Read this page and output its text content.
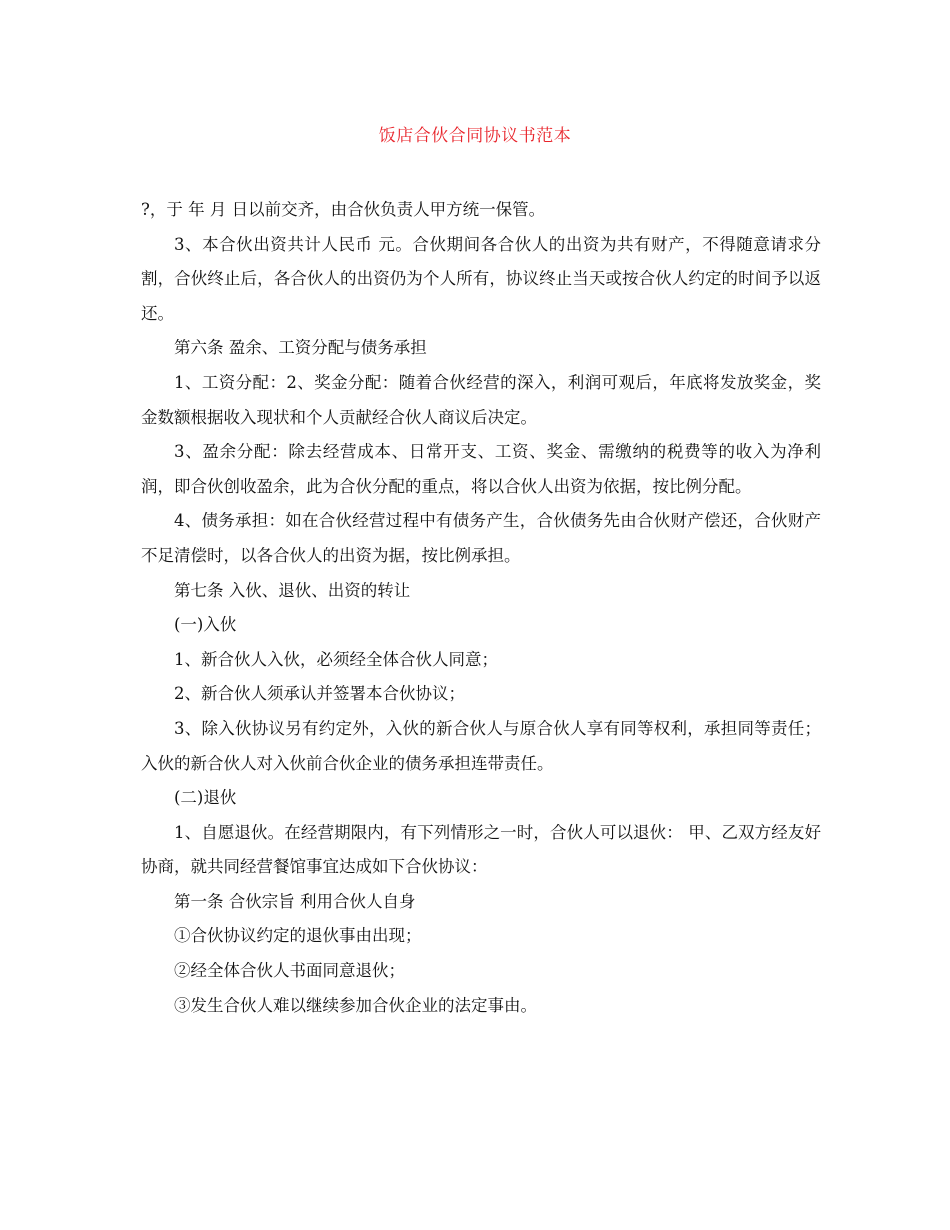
饭店合伙合同协议书范本

?，于 年 月 日以前交齐，由合伙负责人甲方统一保管。

3、本合伙出资共计人民币 元。合伙期间各合伙人的出资为共有财产，不得随意请求分割，合伙终止后，各合伙人的出资仍为个人所有，协议终止当天或按合伙人约定的时间予以返还。

第六条 盈余、工资分配与债务承担

1、工资分配：2、奖金分配：随着合伙经营的深入，利润可观后，年底将发放奖金，奖金数额根据收入现状和个人贡献经合伙人商议后决定。

3、盈余分配：除去经营成本、日常开支、工资、奖金、需缴纳的税费等的收入为净利润，即合伙创收盈余，此为合伙分配的重点，将以合伙人出资为依据，按比例分配。

4、债务承担：如在合伙经营过程中有债务产生，合伙债务先由合伙财产偿还，合伙财产不足清偿时，以各合伙人的出资为据，按比例承担。

第七条 入伙、退伙、出资的转让

(一)入伙

1、新合伙人入伙，必须经全体合伙人同意；

2、新合伙人须承认并签署本合伙协议；

3、除入伙协议另有约定外，入伙的新合伙人与原合伙人享有同等权利，承担同等责任；入伙的新合伙人对入伙前合伙企业的债务承担连带责任。

(二)退伙

1、自愿退伙。在经营期限内，有下列情形之一时，合伙人可以退伙： 甲、乙双方经友好协商，就共同经营餐馆事宜达成如下合伙协议：

第一条 合伙宗旨 利用合伙人自身

①合伙协议约定的退伙事由出现；

②经全体合伙人书面同意退伙；

③发生合伙人难以继续参加合伙企业的法定事由。
